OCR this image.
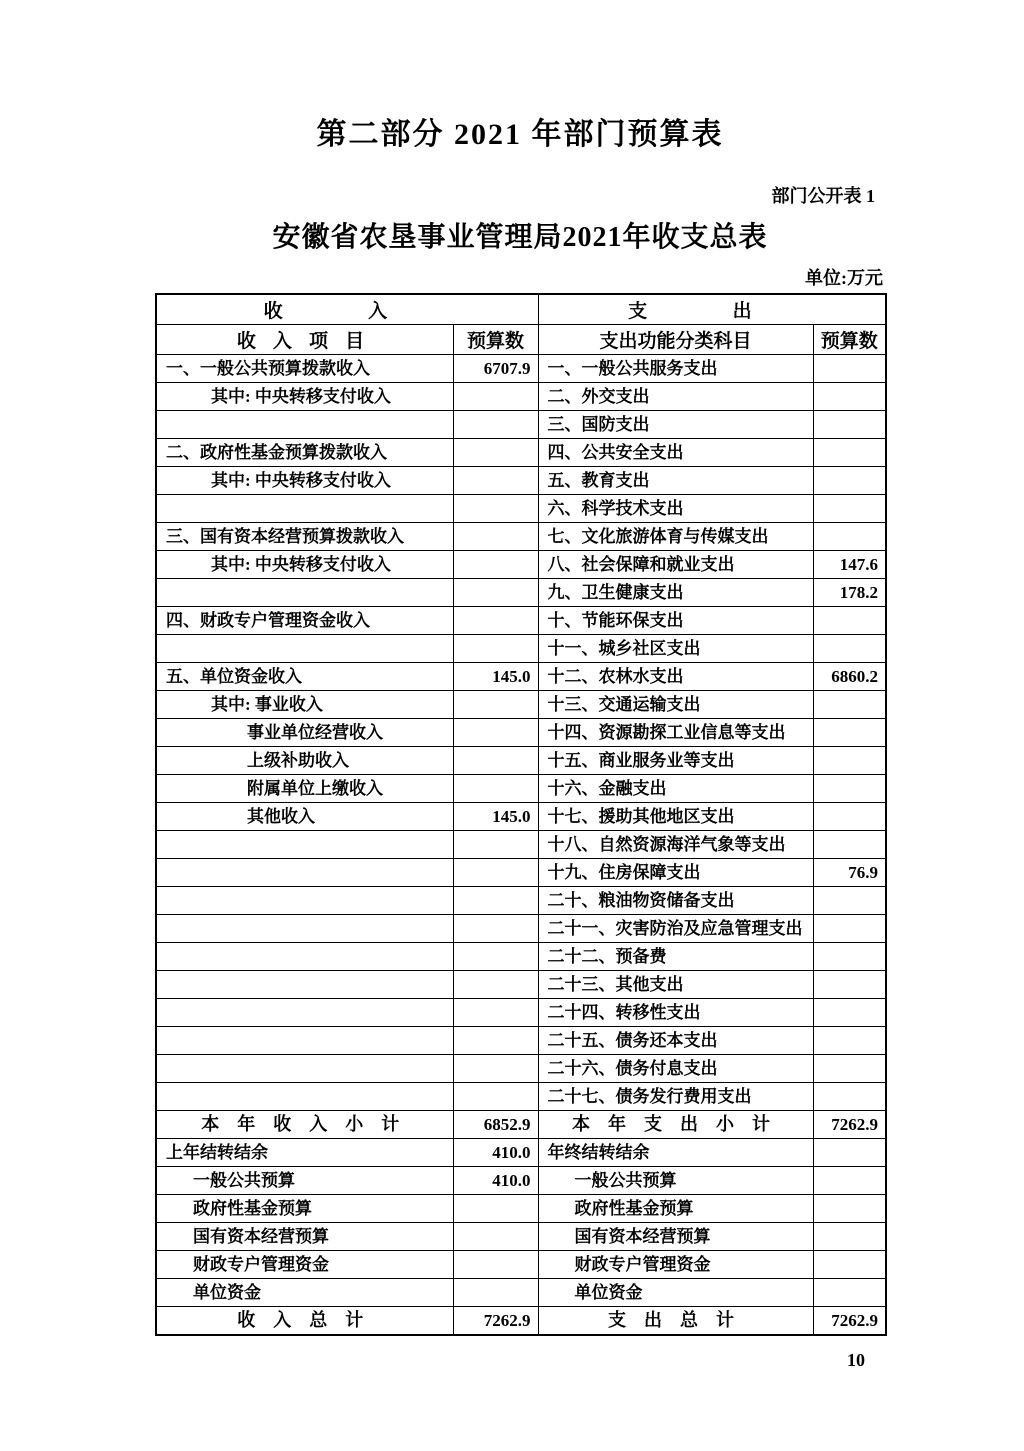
第二部分 2021 年部门预算表
部门公开表 1
安徽省农垦事业管理局2021年收支总表
单位:万元
收入		支出	
收入项目	预算数	支出功能分类科目	预算数
一、一般公共预算拨款收入	6707.9	一、一般公共服务支出	
其中: 中央转移支付收入		二、外交支出	
		三、国防支出	
二、政府性基金预算拨款收入		四、公共安全支出	
其中: 中央转移支付收入		五、教育支出	
		六、科学技术支出	
三、国有资本经营预算拨款收入		七、文化旅游体育与传媒支出	
其中: 中央转移支付收入		八、社会保障和就业支出	147.6
		九、卫生健康支出	178.2
四、财政专户管理资金收入		十、节能环保支出	
		十一、城乡社区支出	
五、单位资金收入	145.0	十二、农林水支出	6860.2
其中: 事业收入		十三、交通运输支出	
事业单位经营收入		十四、资源勘探工业信息等支出	
上级补助收入		十五、商业服务业等支出	
附属单位上缴收入		十六、金融支出	
其他收入	145.0	十七、援助其他地区支出	
		十八、自然资源海洋气象等支出	
		十九、住房保障支出	76.9
		二十、粮油物资储备支出	
		二十一、灾害防治及应急管理支出	
		二十二、预备费	
		二十三、其他支出	
		二十四、转移性支出	
		二十五、债务还本支出	
		二十六、债务付息支出	
		二十七、债务发行费用支出	
本年收入小计	6852.9	本年支出小计	7262.9
上年结转结余	410.0	年终结转结余	
一般公共预算	410.0	一般公共预算	
政府性基金预算		政府性基金预算	
国有资本经营预算		国有资本经营预算	
财政专户管理资金		财政专户管理资金	
单位资金		单位资金	
收入总计	7262.9	支出总计	7262.9
10
